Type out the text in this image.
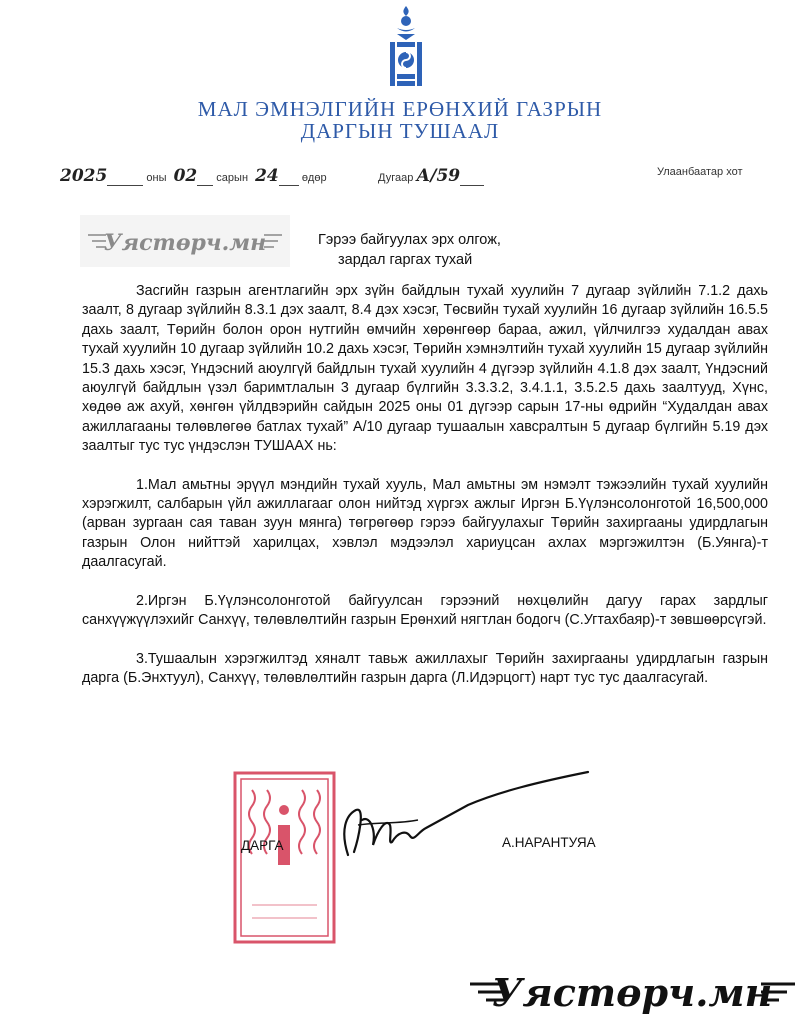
МАЛ ЭМНЭЛГИЙН ЕРӨНХИЙ ГАЗРЫН
ДАРГЫН ТУШААЛ
2025	оны 02 сарын 24 өдөр	Дугаар А/59	Улаанбаатар хот
Уястөрч.мн	Гэрээ байгуулах эрх олгож,
зардал гаргах тухай

Засгийн газрын агентлагийн эрх зүйн байдлын тухай хуулийн 7 дугаар зүйлийн 7.1.2 дахь заалт, 8 дугаар зүйлийн 8.3.1 дэх заалт, 8.4 дэх хэсэг, Төсвийн тухай хуулийн 16 дугаар зүйлийн 16.5.5 дахь заалт, Төрийн болон орон нутгийн өмчийн хөрөнгөөр бараа, ажил, үйлчилгээ худалдан авах тухай хуулийн 10 дугаар зүйлийн 10.2 дахь хэсэг, Төрийн хэмнэлтийн тухай хуулийн 15 дугаар зүйлийн 15.3 дахь хэсэг, Үндэсний аюулгүй байдлын тухай хуулийн 4 дүгээр зүйлийн 4.1.8 дэх заалт, Үндэсний аюулгүй байдлын үзэл баримтлалын 3 дугаар бүлгийн 3.3.3.2, 3.4.1.1, 3.5.2.5 дахь заалтууд, Хүнс, хөдөө аж ахуй, хөнгөн үйлдвэрийн сайдын 2025 оны 01 дүгээр сарын 17-ны өдрийн “Худалдан авах ажиллагааны төлөвлөгөө батлах тухай” А/10 дугаар тушаалын хавсралтын 5 дугаар бүлгийн 5.19 дэх заалтыг тус тус үндэслэн ТУШААХ нь:

1.Мал амьтны эрүүл мэндийн тухай хууль, Мал амьтны эм нэмэлт тэжээлийн тухай хуулийн хэрэгжилт, салбарын үйл ажиллагааг олон нийтэд хүргэх ажлыг Иргэн Б.Үүлэнсолонготой 16,500,000 (арван зургаан сая таван зуун мянга) төгрөгөөр гэрээ байгуулахыг Төрийн захиргааны удирдлагын газрын Олон нийттэй харилцах, хэвлэл мэдээлэл хариуцсан ахлах мэргэжилтэн (Б.Уянга)-т даалгасугай.

2.Иргэн Б.Үүлэнсолонготой байгуулсан гэрээний нөхцөлийн дагуу гарах зардлыг санхүүжүүлэхийг Санхүү, төлөвлөлтийн газрын Ерөнхий нягтлан бодогч (С.Угтахбаяр)-т зөвшөөрсүгэй.

3.Тушаалын хэрэгжилтэд хяналт тавьж ажиллахыг Төрийн захиргааны удирдлагын газрын дарга (Б.Энхтуул), Санхүү, төлөвлөлтийн газрын дарга (Л.Идэрцогт) нарт тус тус даалгасугай.

ДАРГА	А.НАРАНТУЯА
Уястөрч.мн
